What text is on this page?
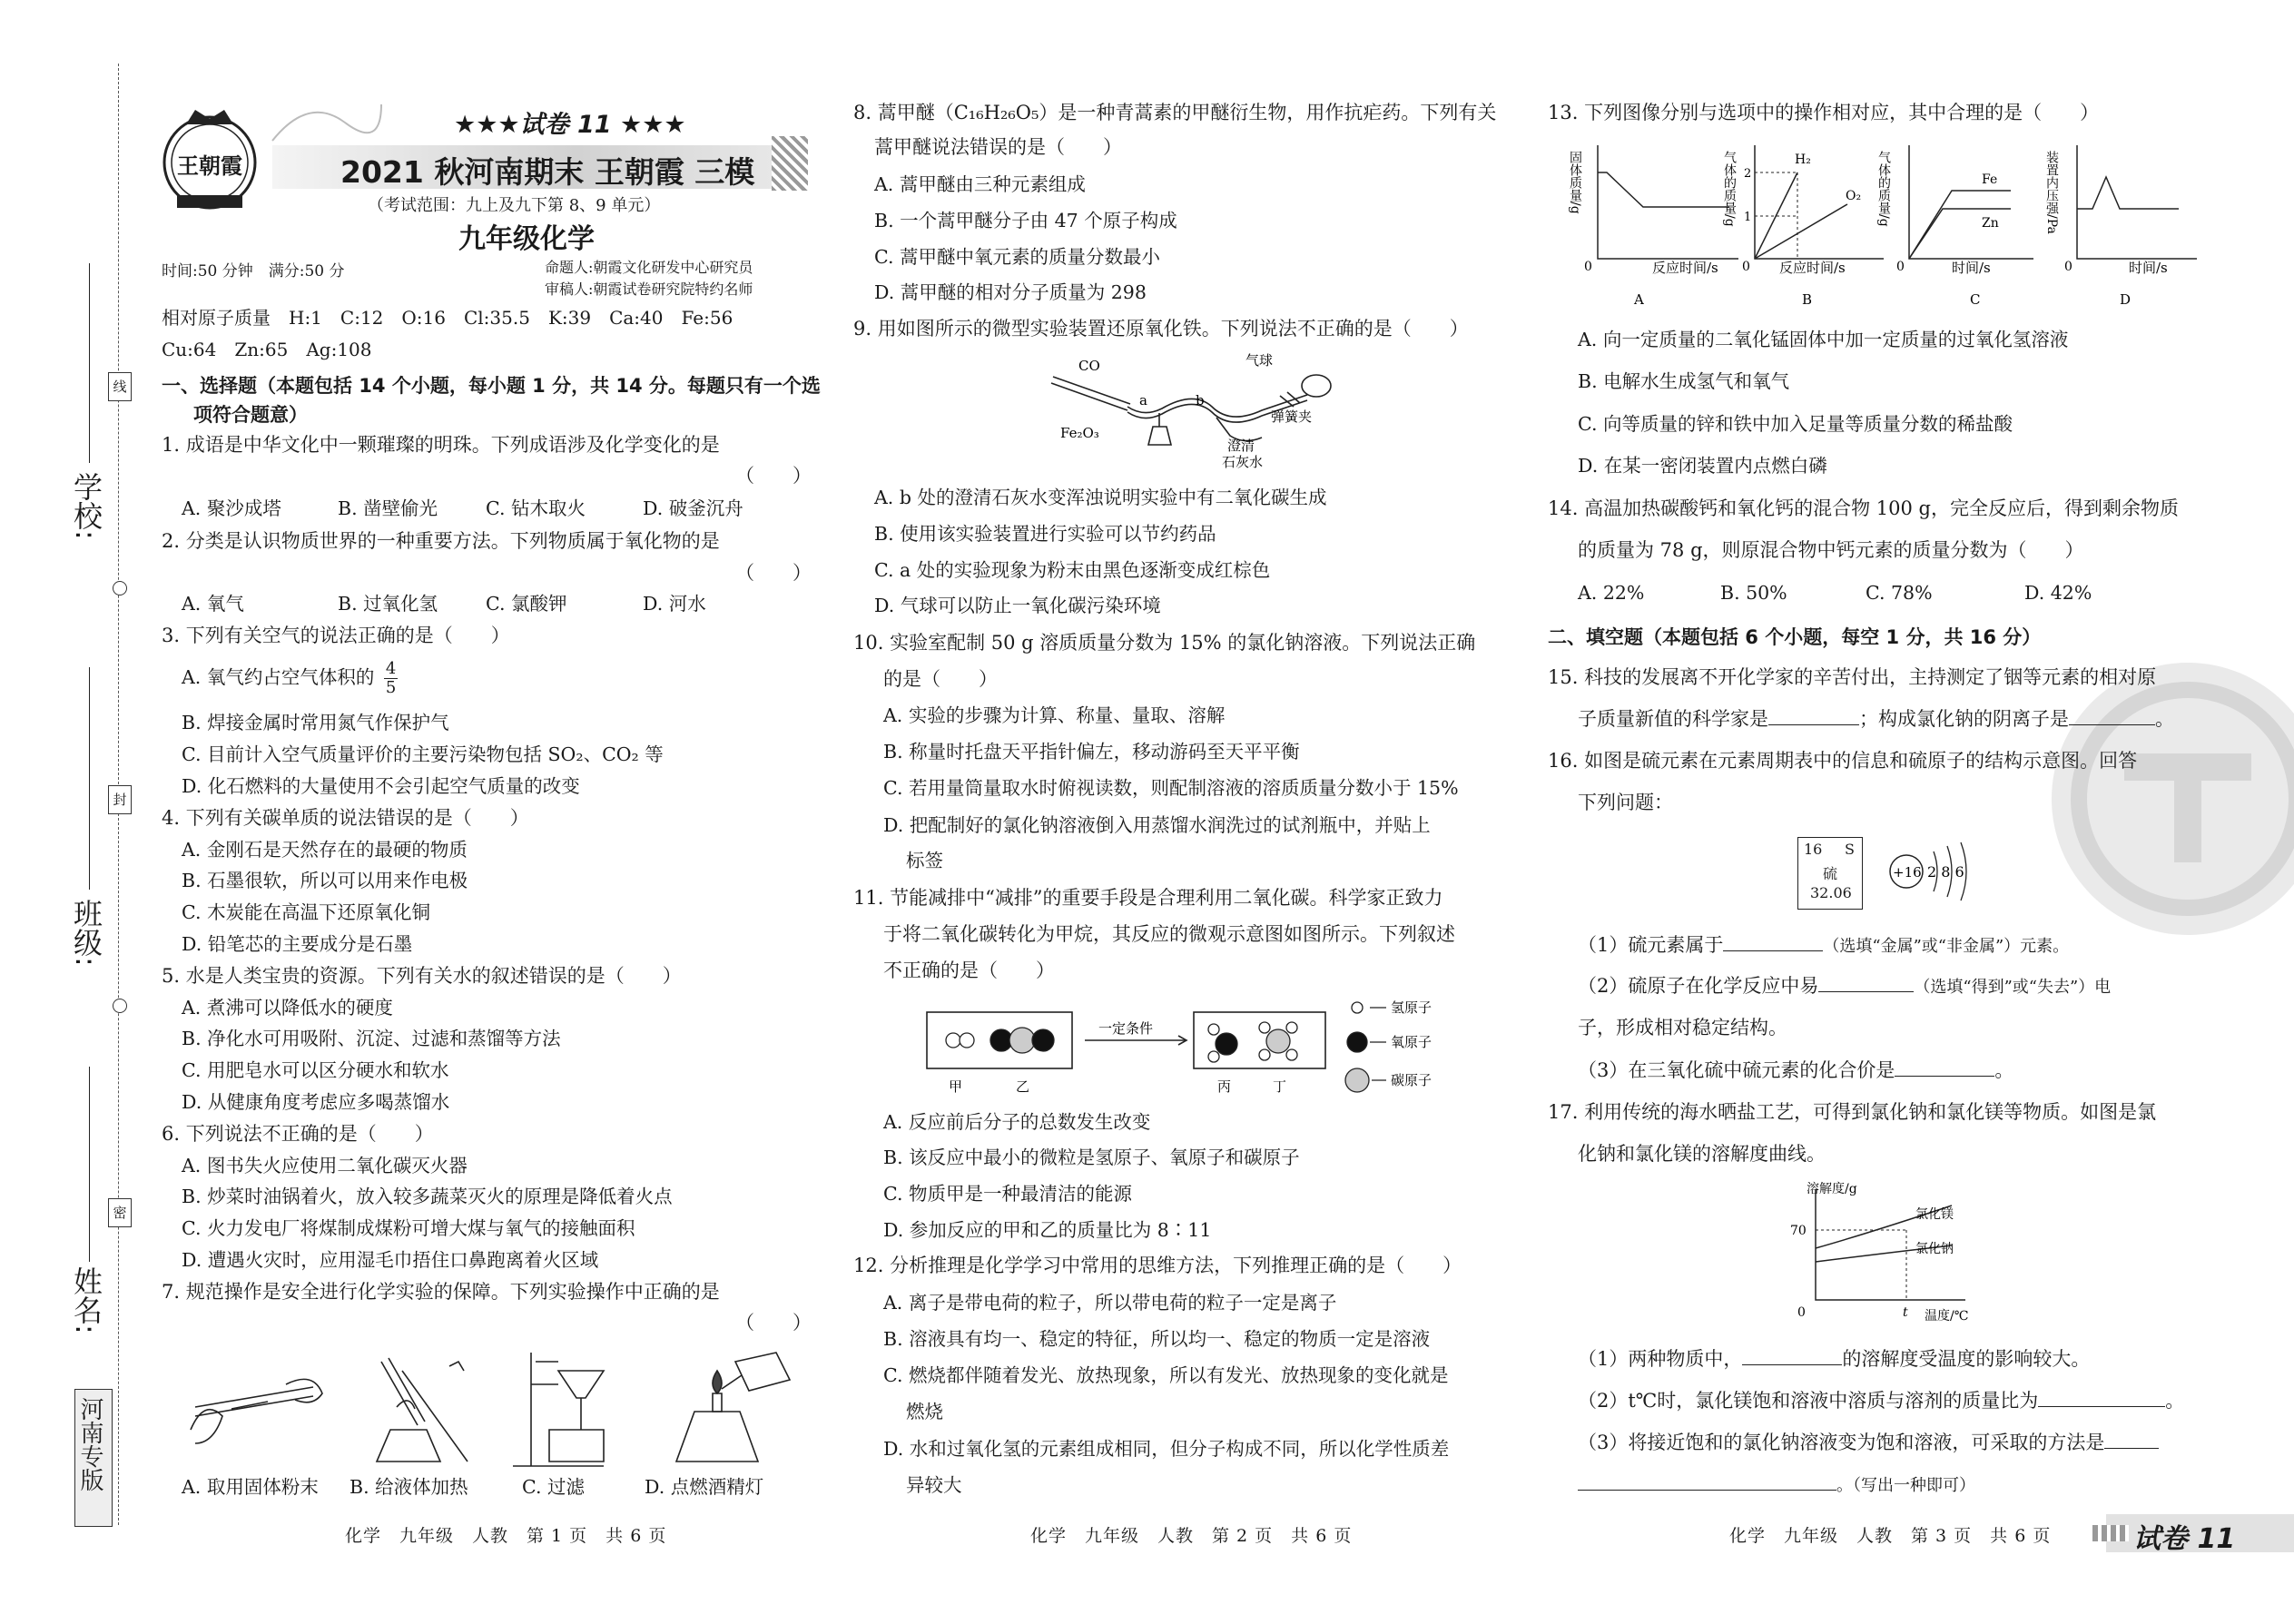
线
封
密
学校:
班级:
姓名:
河南专版
王朝霞
★★★试卷 11 ★★★
2021 秋河南期末 王朝霞 三模
（考试范围：九上及九下第 8、9 单元）
九年级化学
时间:50 分钟　满分:50 分	命题人:朝霞文化研发中心研究员
审稿人:朝霞试卷研究院特约名师
相对原子质量　H:1　C:12　O:16　Cl:35.5　K:39　Ca:40　Fe:56
Cu:64　Zn:65　Ag:108
一、选择题（本题包括 14 个小题，每小题 1 分，共 14 分。每题只有一个选
项符合题意）
1. 成语是中华文化中一颗璀璨的明珠。下列成语涉及化学变化的是
（　　）
A. 聚沙成塔	B. 凿壁偷光	C. 钻木取火	D. 破釜沉舟
2. 分类是认识物质世界的一种重要方法。下列物质属于氧化物的是
（　　）
A. 氧气	B. 过氧化氢	C. 氯酸钾	D. 河水
3. 下列有关空气的说法正确的是（　　）
A. 氧气约占空气体积的 $\frac{4}{5}$
B. 焊接金属时常用氮气作保护气
C. 目前计入空气质量评价的主要污染物包括 SO₂、CO₂ 等
D. 化石燃料的大量使用不会引起空气质量的改变
4. 下列有关碳单质的说法错误的是（　　）
A. 金刚石是天然存在的最硬的物质
B. 石墨很软，所以可以用来作电极
C. 木炭能在高温下还原氧化铜
D. 铅笔芯的主要成分是石墨
5. 水是人类宝贵的资源。下列有关水的叙述错误的是（　　）
A. 煮沸可以降低水的硬度
B. 净化水可用吸附、沉淀、过滤和蒸馏等方法
C. 用肥皂水可以区分硬水和软水
D. 从健康角度考虑应多喝蒸馏水
6. 下列说法不正确的是（　　）
A. 图书失火应使用二氧化碳灭火器
B. 炒菜时油锅着火，放入较多蔬菜灭火的原理是降低着火点
C. 火力发电厂将煤制成煤粉可增大煤与氧气的接触面积
D. 遭遇火灾时，应用湿毛巾捂住口鼻跑离着火区域
7. 规范操作是安全进行化学实验的保障。下列实验操作中正确的是
（　　）
A. 取用固体粉末 B. 给液体加热	C. 过滤	D. 点燃酒精灯
化学　九年级　人教　第 1 页　共 6 页
8. 蒿甲醚（C₁₆H₂₆O₅）是一种青蒿素的甲醚衍生物，用作抗疟药。下列有关
蒿甲醚说法错误的是（　　）
A. 蒿甲醚由三种元素组成
B. 一个蒿甲醚分子由 47 个原子构成
C. 蒿甲醚中氧元素的质量分数最小
D. 蒿甲醚的相对分子质量为 298
9. 用如图所示的微型实验装置还原氧化铁。下列说法不正确的是（　　）
CO	气球
弹簧夹
a	b
Fe₂O₃
澄清
石灰水
A. b 处的澄清石灰水变浑浊说明实验中有二氧化碳生成
B. 使用该实验装置进行实验可以节约药品
C. a 处的实验现象为粉末由黑色逐渐变成红棕色
D. 气球可以防止一氧化碳污染环境
10. 实验室配制 50 g 溶质质量分数为 15% 的氯化钠溶液。下列说法正确
的是（　　）
A. 实验的步骤为计算、称量、量取、溶解
B. 称量时托盘天平指针偏左，移动游码至天平平衡
C. 若用量筒量取水时俯视读数，则配制溶液的溶质质量分数小于 15%
D. 把配制好的氯化钠溶液倒入用蒸馏水润洗过的试剂瓶中，并贴上
标签
11. 节能减排中“减排”的重要手段是合理利用二氧化碳。科学家正致力
于将二氧化碳转化为甲烷，其反应的微观示意图如图所示。下列叙述
不正确的是（　　）
一定条件
甲	乙	丙	丁
氢原子
氧原子
碳原子
A. 反应前后分子的总数发生改变
B. 该反应中最小的微粒是氢原子、氧原子和碳原子
C. 物质甲是一种最清洁的能源
D. 参加反应的甲和乙的质量比为 8∶11
12. 分析推理是化学学习中常用的思维方法，下列推理正确的是（　　）
A. 离子是带电荷的粒子，所以带电荷的粒子一定是离子
B. 溶液具有均一、稳定的特征，所以均一、稳定的物质一定是溶液
C. 燃烧都伴随着发光、放热现象，所以有发光、放热现象的变化就是
燃烧
D. 水和过氧化氢的元素组成相同，但分子构成不同，所以化学性质差
异较大
化学　九年级　人教　第 2 页　共 6 页
13. 下列图像分别与选项中的操作相对应，其中合理的是（　　）
固体质量/g
0	反应时间/s
A
气体的质量/g	H₂
O₂
2
1
0 反应时间/s
B
气体的质量/g	Fe
Zn
0	时间/s
C
装置内压强/Pa
0	时间/s
D
A. 向一定质量的二氧化锰固体中加一定质量的过氧化氢溶液
B. 电解水生成氢气和氧气
C. 向等质量的锌和铁中加入足量等质量分数的稀盐酸
D. 在某一密闭装置内点燃白磷
14. 高温加热碳酸钙和氧化钙的混合物 100 g，完全反应后，得到剩余物质
的质量为 78 g，则原混合物中钙元素的质量分数为（　　）
A. 22%	B. 50%	C. 78%	D. 42%
二、填空题（本题包括 6 个小题，每空 1 分，共 16 分）
15. 科技的发展离不开化学家的辛苦付出，主持测定了铟等元素的相对原
子质量新值的科学家是	；构成氯化钠的阴离子是	。
16. 如图是硫元素在元素周期表中的信息和硫原子的结构示意图。回答
下列问题：
16 S
硫
32.06
+16 2 8 6
（1）硫元素属于	（选填“金属”或“非金属”）元素。
（2）硫原子在化学反应中易	（选填“得到”或“失去”）电
子，形成相对稳定结构。
（3）在三氧化硫中硫元素的化合价是	。
17. 利用传统的海水晒盐工艺，可得到氯化钠和氯化镁等物质。如图是氯
化钠和氯化镁的溶解度曲线。
溶解度/g
氯化镁
氯化钠
70
0	t 温度/℃
（1）两种物质中，	的溶解度受温度的影响较大。
（2）t℃时，氯化镁饱和溶液中溶质与溶剂的质量比为	。
（3）将接近饱和的氯化钠溶液变为饱和溶液，可采取的方法是
。（写出一种即可）
化学　九年级　人教　第 3 页　共 6 页	试卷 11
